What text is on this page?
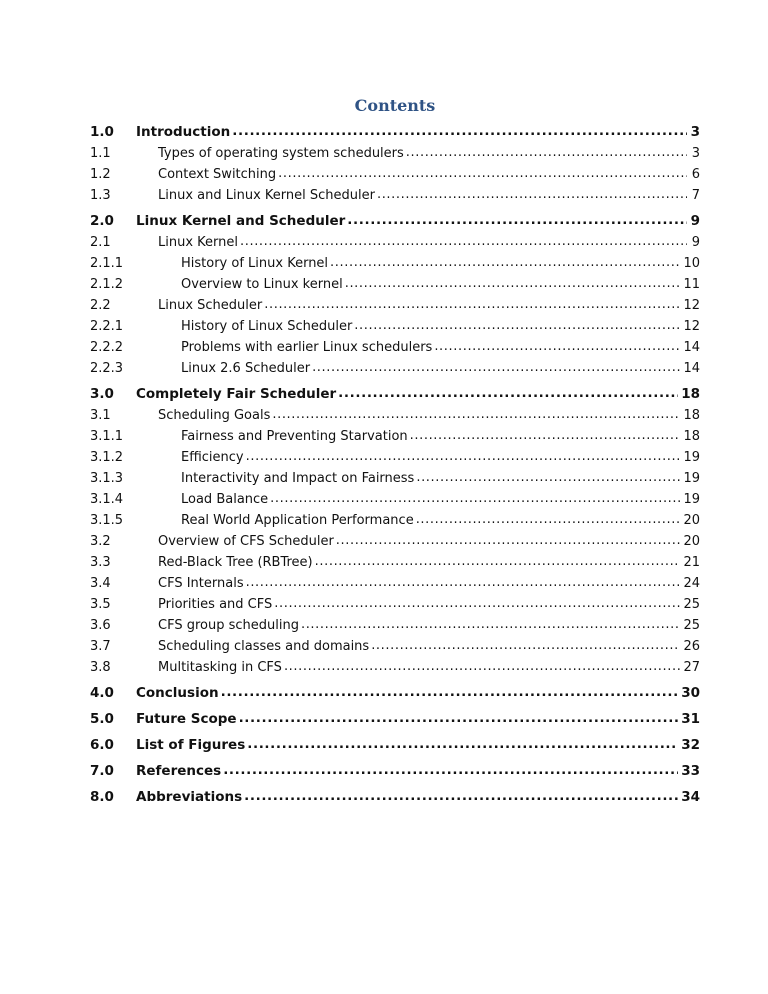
Contents
1.0	Introduction .....	3
1.1	Types of operating system schedulers .....	3
1.2	Context Switching .....	6
1.3	Linux and Linux Kernel Scheduler .....	7
2.0	Linux Kernel and Scheduler .....	9
2.1	Linux Kernel .....	9
2.1.1	History of Linux Kernel .....	10
2.1.2	Overview to Linux kernel .....	11
2.2	Linux Scheduler .....	12
2.2.1	History of Linux Scheduler .....	12
2.2.2	Problems with earlier Linux schedulers .....	14
2.2.3	Linux 2.6 Scheduler .....	14
3.0	Completely Fair Scheduler .....	18
3.1	Scheduling Goals .....	18
3.1.1	Fairness and Preventing Starvation .....	18
3.1.2	Efficiency .....	19
3.1.3	Interactivity and Impact on Fairness .....	19
3.1.4	Load Balance .....	19
3.1.5	Real World Application Performance .....	20
3.2	Overview of CFS Scheduler .....	20
3.3	Red-Black Tree (RBTree) .....	21
3.4	CFS Internals .....	24
3.5	Priorities and CFS .....	25
3.6	CFS group scheduling .....	25
3.7	Scheduling classes and domains .....	26
3.8	Multitasking in CFS .....	27
4.0	Conclusion .....	30
5.0	Future Scope .....	31
6.0	List of Figures .....	32
7.0	References .....	33
8.0	Abbreviations .....	34
